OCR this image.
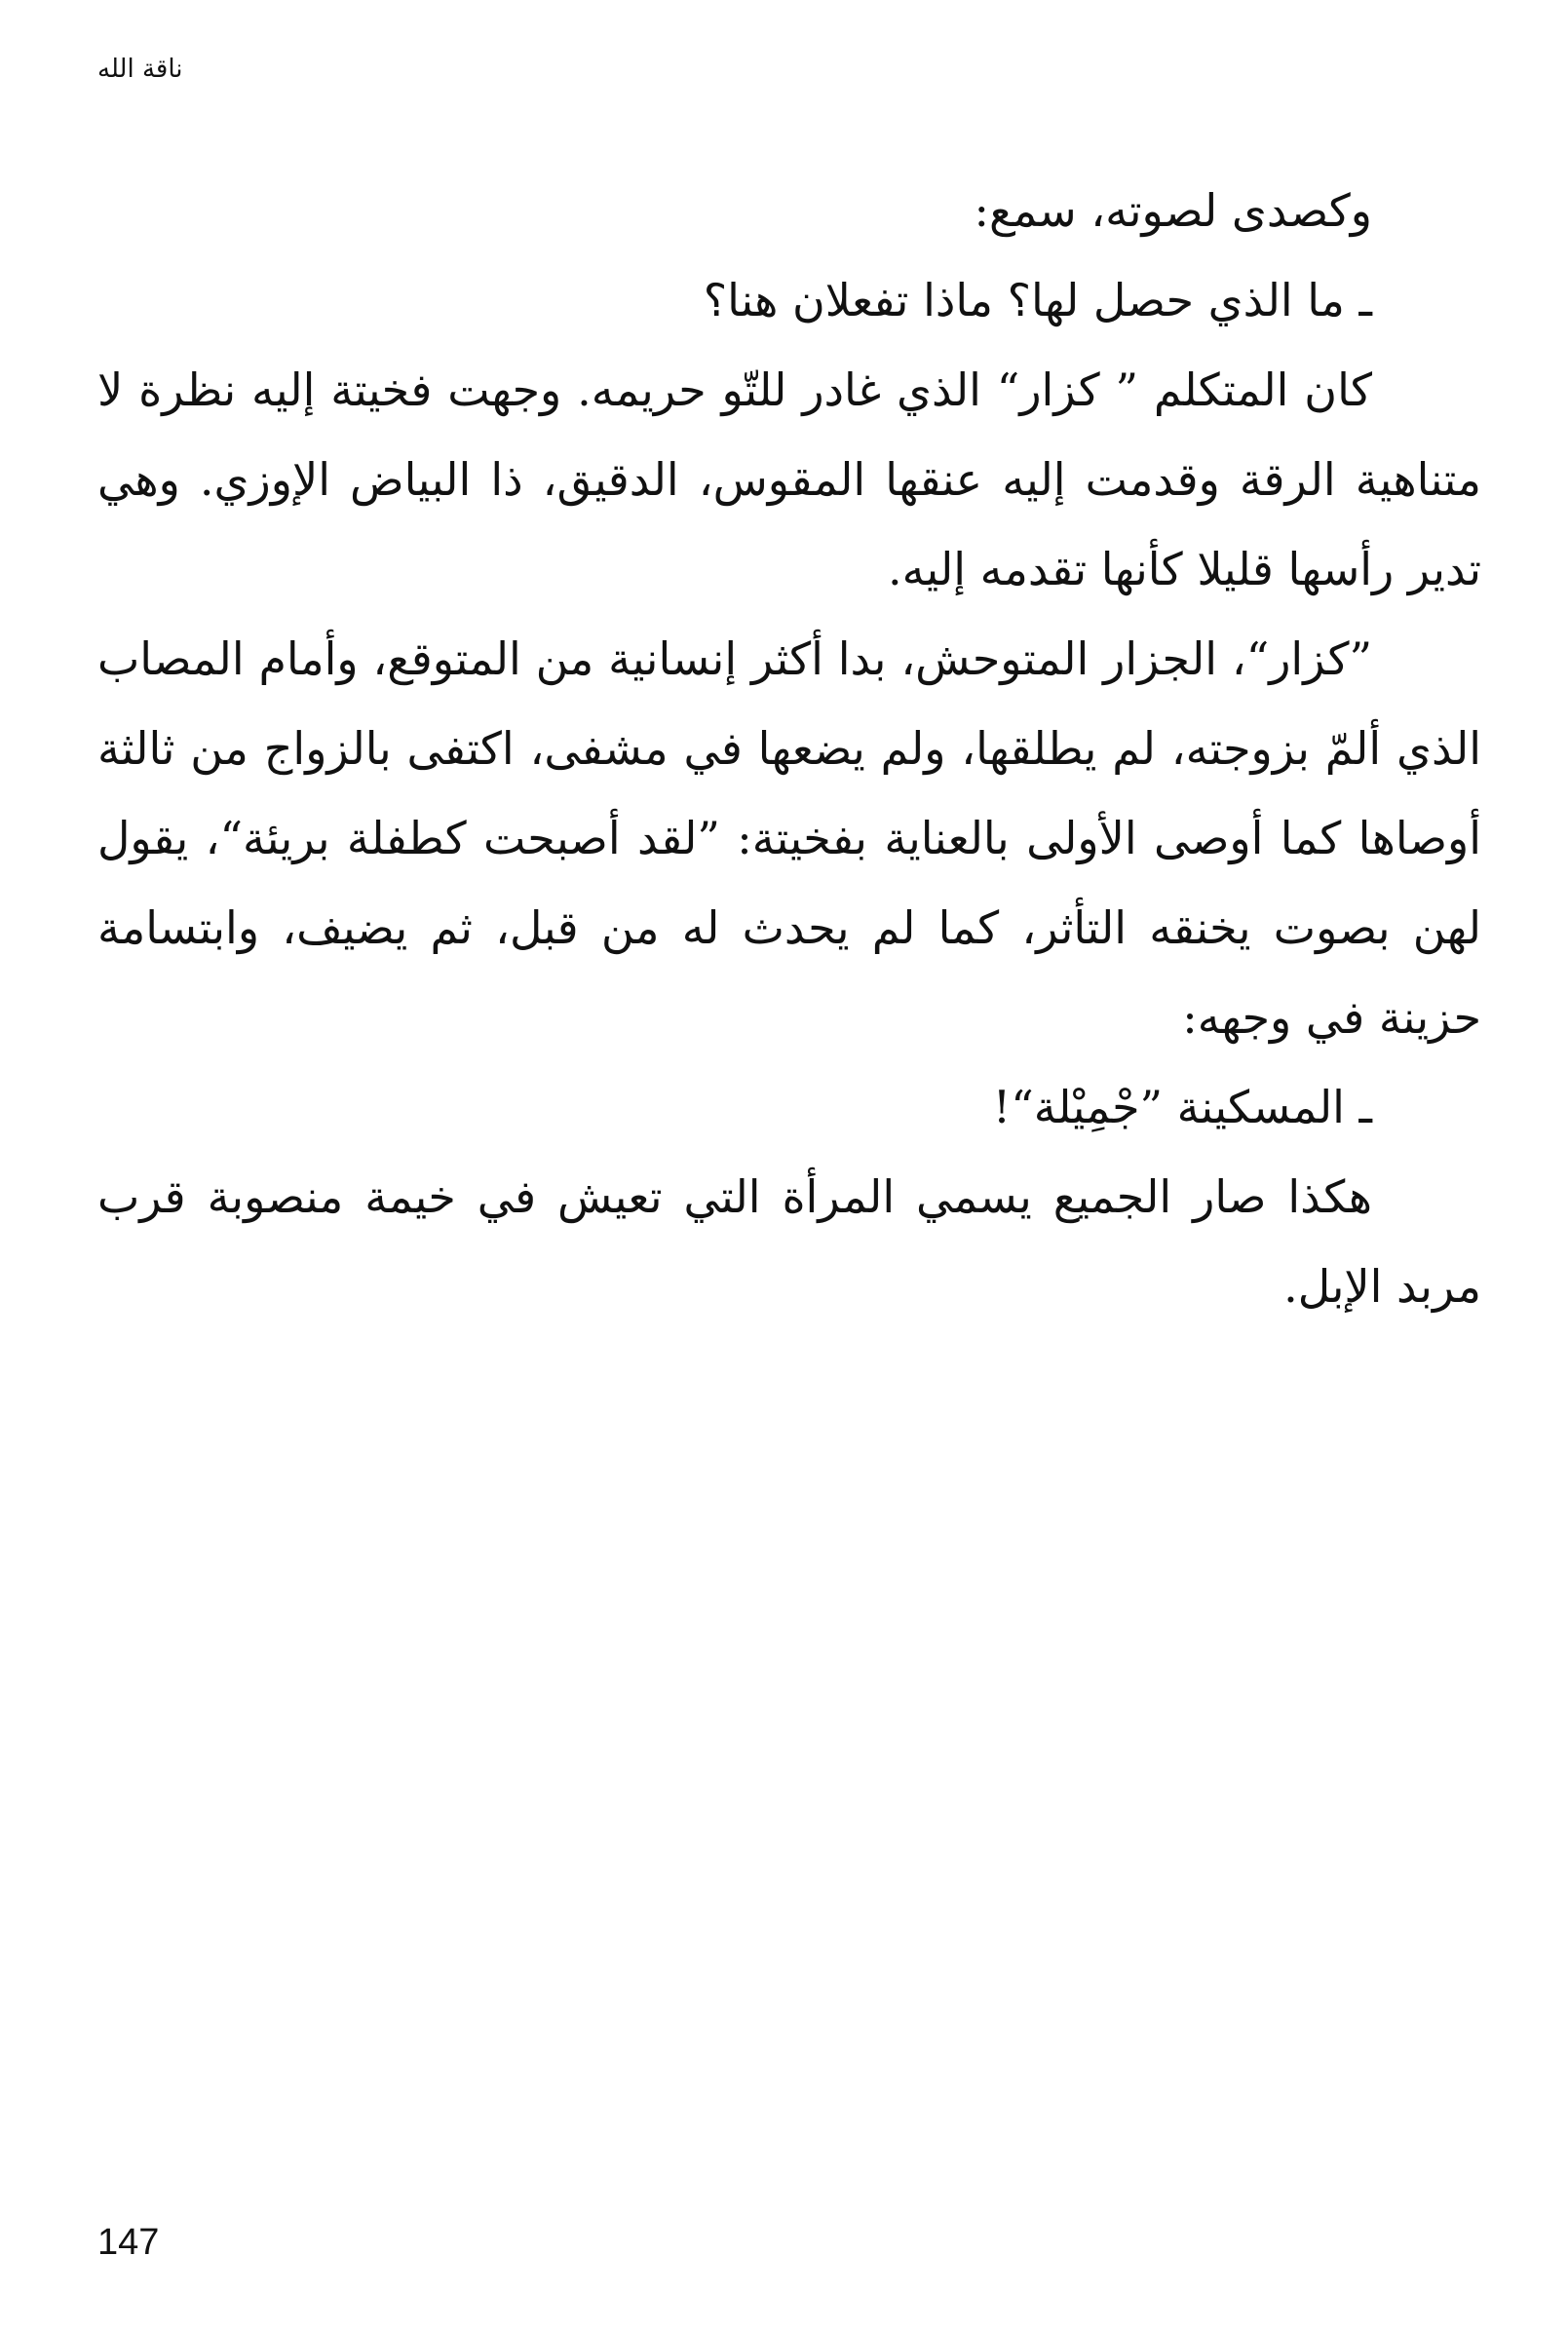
ناقة الله

وكصدى لصوته، سمع:

ـ ما الذي حصل لها؟ ماذا تفعلان هنا؟

كان المتكلم ” كزار“ الذي غادر للتّو حريمه. وجهت فخيتة إليه نظرة لا متناهية الرقة وقدمت إليه عنقها المقوس، الدقيق، ذا البياض الإوزي. وهي تدير رأسها قليلا كأنها تقدمه إليه.

”كزار“، الجزار المتوحش، بدا أكثر إنسانية من المتوقع، وأمام المصاب الذي ألمّ بزوجته، لم يطلقها، ولم يضعها في مشفى، اكتفى بالزواج من ثالثة أوصاها كما أوصى الأولى بالعناية بفخيتة: ”لقد أصبحت كطفلة بريئة“، يقول لهن بصوت يخنقه التأثر، كما لم يحدث له من قبل، ثم يضيف، وابتسامة حزينة في وجهه:

ـ المسكينة ”جْمِيْلة“!

هكذا صار الجميع يسمي المرأة التي تعيش في خيمة منصوبة قرب مربد الإبل.

147
